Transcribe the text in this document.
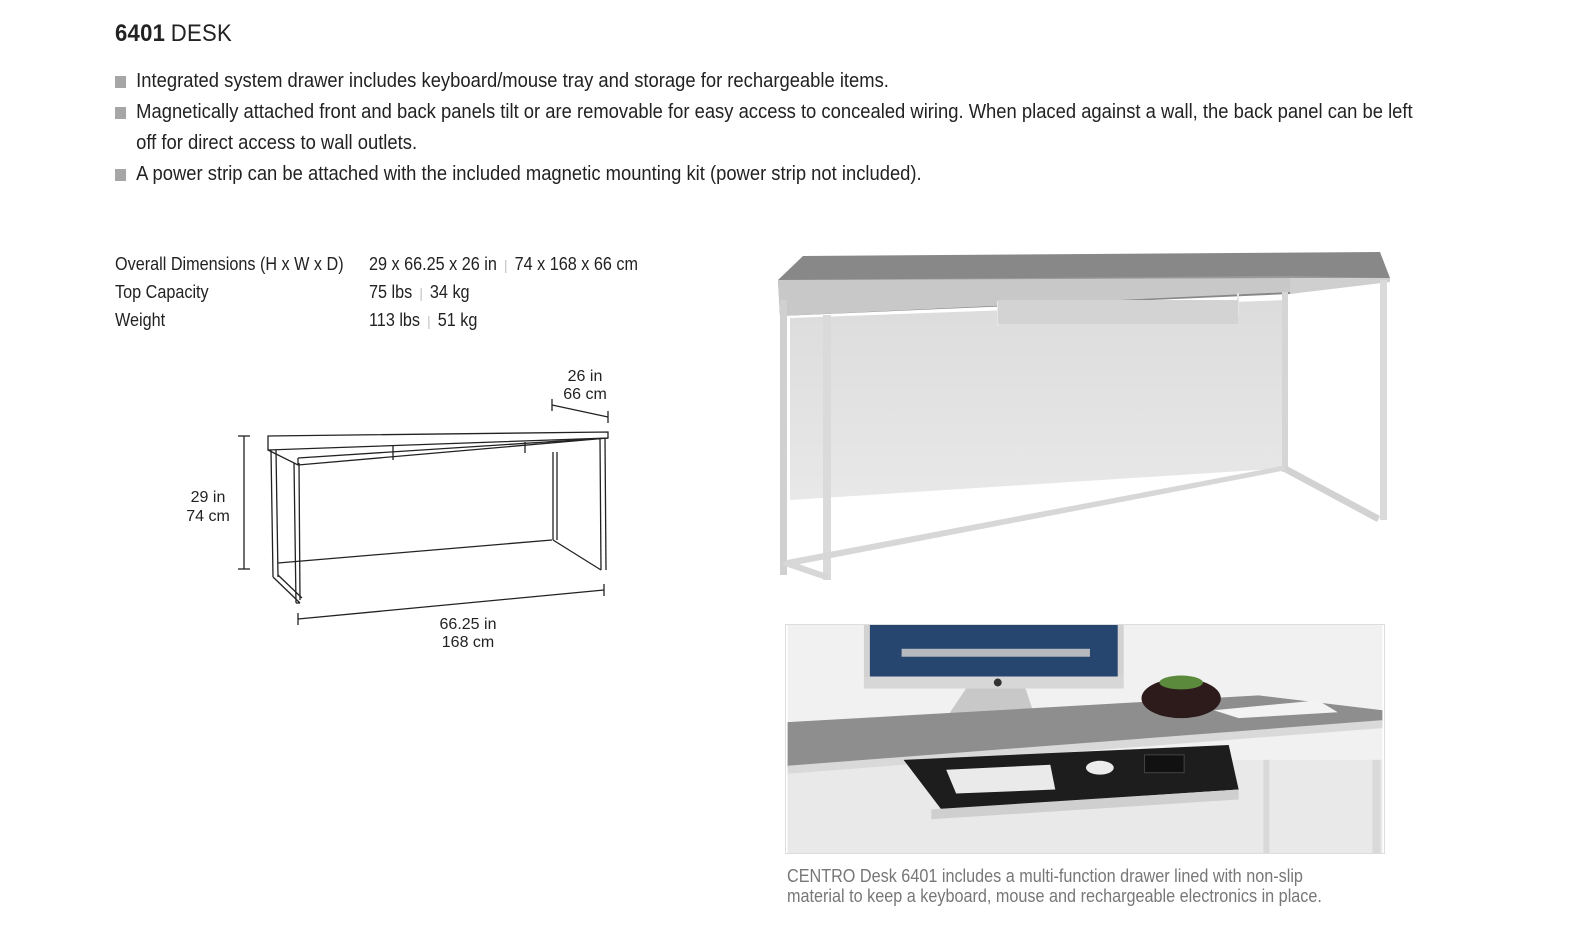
6401 DESK
Integrated system drawer includes keyboard/mouse tray and storage for rechargeable items.
Magnetically attached front and back panels tilt or are removable for easy access to concealed wiring. When placed against a wall, the back panel can be left off for direct access to wall outlets.
A power strip can be attached with the included magnetic mounting kit (power strip not included).
Overall Dimensions (H x W x D) 29 x 66.25 x 26 in | 74 x 168 x 66 cm
Top Capacity	75 lbs | 34 kg
Weight	113 lbs | 51 kg
26 in
66 cm
29 in
74 cm
66.25 in
168 cm
CENTRO Desk 6401 includes a multi-function drawer lined with non-slip material to keep a keyboard, mouse and rechargeable electronics in place.
